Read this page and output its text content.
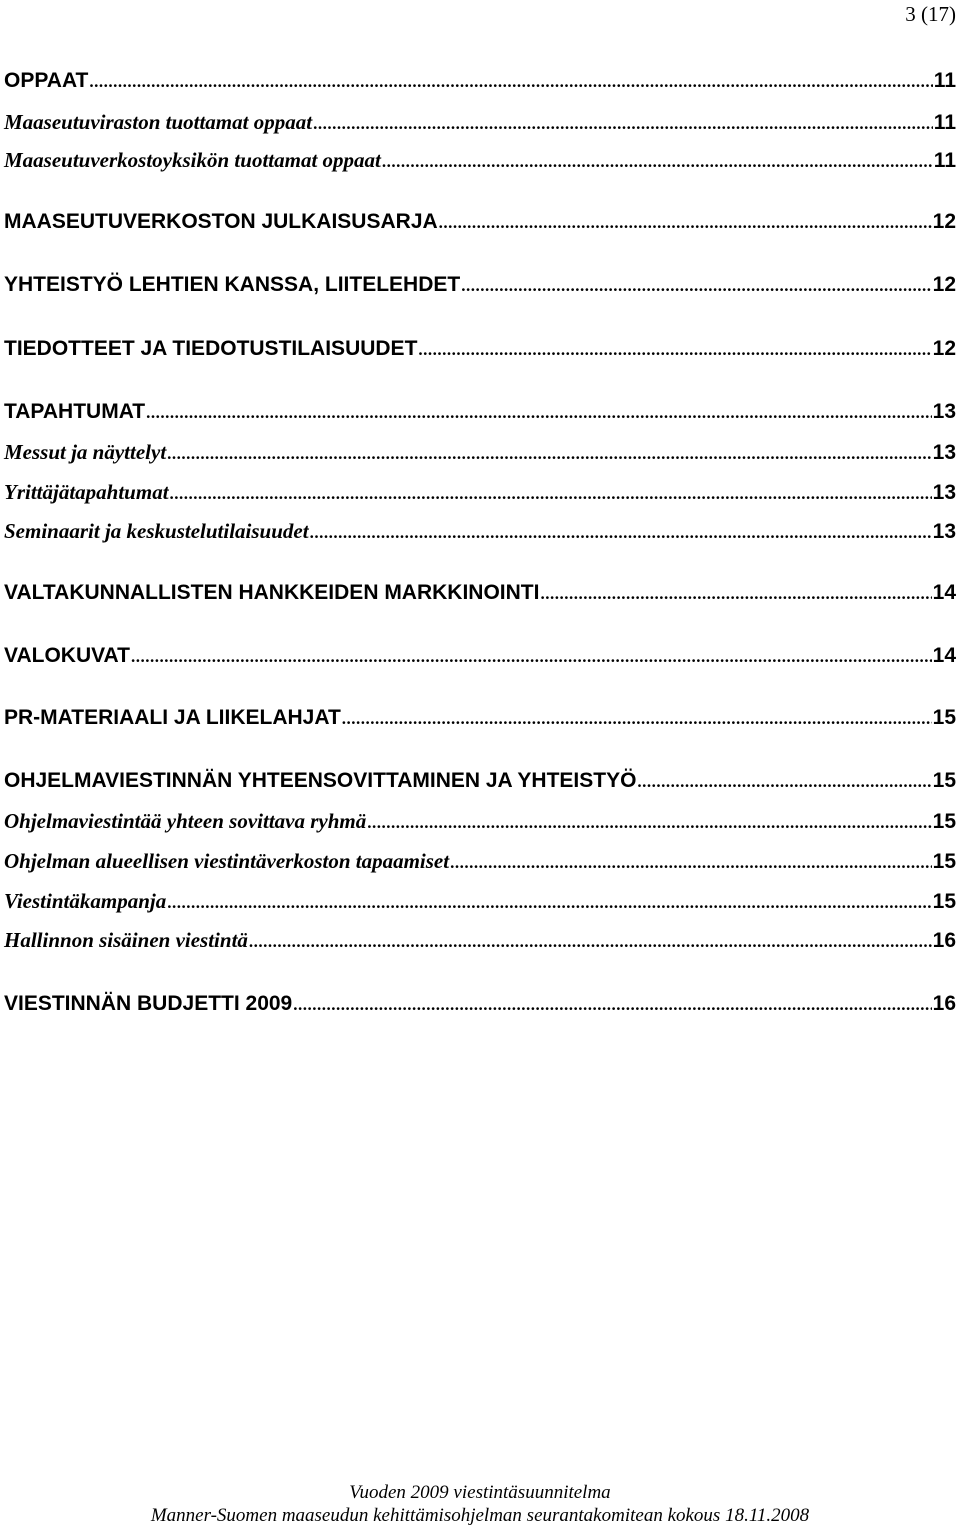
3 (17)
OPPAAT .....	11
Maaseutuviraston tuottamat oppaat .....	11
Maaseutuverkostoyksikön tuottamat oppaat .....	11
MAASEUTUVERKOSTON JULKAISUSARJA .....	12
YHTEISTYÖ LEHTIEN KANSSA, LIITELEHDET .....	12
TIEDOTTEET JA TIEDOTUSTILAISUUDET .....	12
TAPAHTUMAT .....	13
Messut ja näyttelyt .....	13
Yrittäjätapahtumat .....	13
Seminaarit ja keskustelutilaisuudet .....	13
VALTAKUNNALLISTEN HANKKEIDEN MARKKINOINTI .....	14
VALOKUVAT .....	14
PR-MATERIAALI JA LIIKELAHJAT .....	15
OHJELMAVIESTINNÄN YHTEENSOVITTAMINEN JA YHTEISTYÖ .....	15
Ohjelmaviestintää yhteen sovittava ryhmä .....	15
Ohjelman alueellisen viestintäverkoston tapaamiset .....	15
Viestintäkampanja .....	15
Hallinnon sisäinen viestintä .....	16
VIESTINNÄN BUDJETTI 2009 .....	16
Vuoden 2009 viestintäsuunnitelma
Manner-Suomen maaseudun kehittämisohjelman seurantakomitean kokous 18.11.2008
